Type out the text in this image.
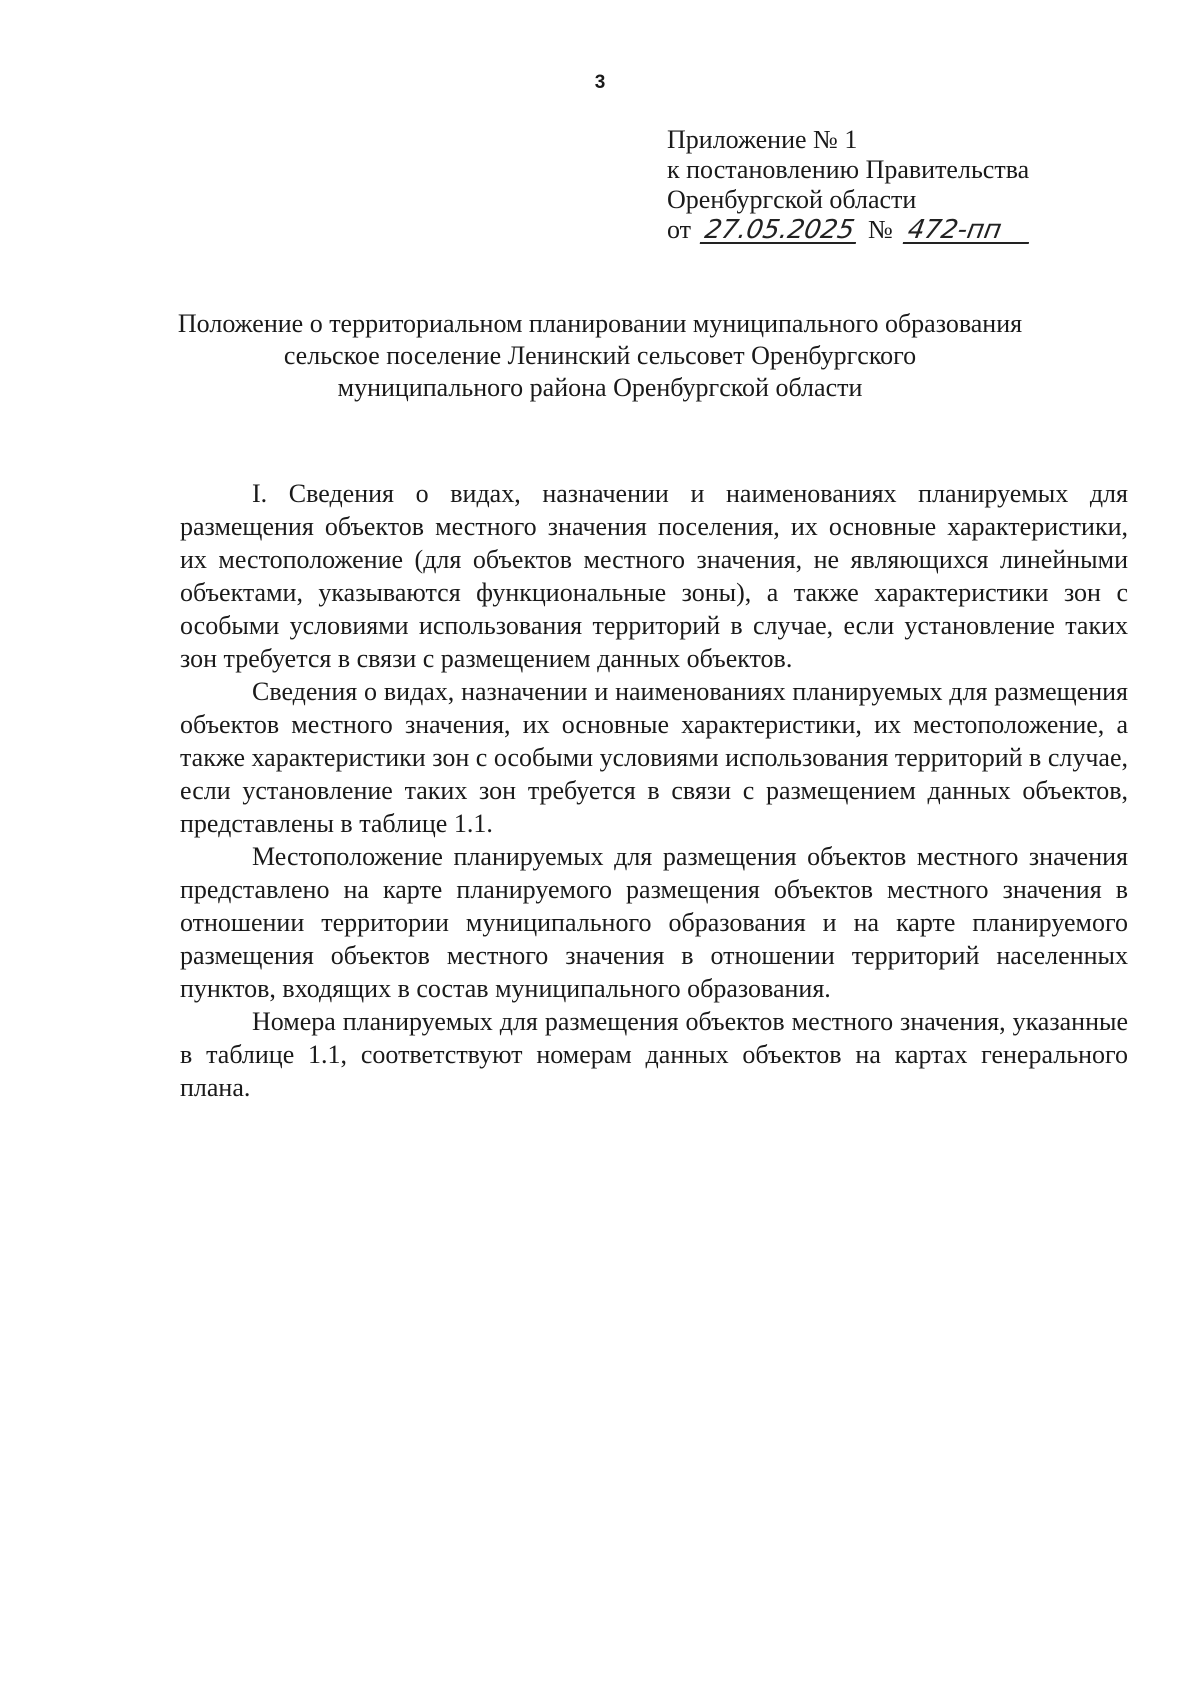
3
Приложение № 1
к постановлению Правительства
Оренбургской области
от 27.05.2025 № 472-пп
Положение о территориальном планировании муниципального образования
сельское поселение Ленинский сельсовет Оренбургского
муниципального района Оренбургской области

I. Сведения о видах, назначении и наименованиях планируемых для размещения объектов местного значения поселения, их основные характеристики, их местоположение (для объектов местного значения, не являющихся линейными объектами, указываются функциональные зоны), а также характеристики зон с особыми условиями использования территорий в случае, если установление таких зон требуется в связи с размещением данных объектов.

Сведения о видах, назначении и наименованиях планируемых для размещения объектов местного значения, их основные характеристики, их местоположение, а также характеристики зон с особыми условиями использования территорий в случае, если установление таких зон требуется в связи с размещением данных объектов, представлены в таблице 1.1.

Местоположение планируемых для размещения объектов местного значения представлено на карте планируемого размещения объектов местного значения в отношении территории муниципального образования и на карте планируемого размещения объектов местного значения в отношении территорий населенных пунктов, входящих в состав муниципального образования.

Номера планируемых для размещения объектов местного значения, указанные в таблице 1.1, соответствуют номерам данных объектов на картах генерального плана.
